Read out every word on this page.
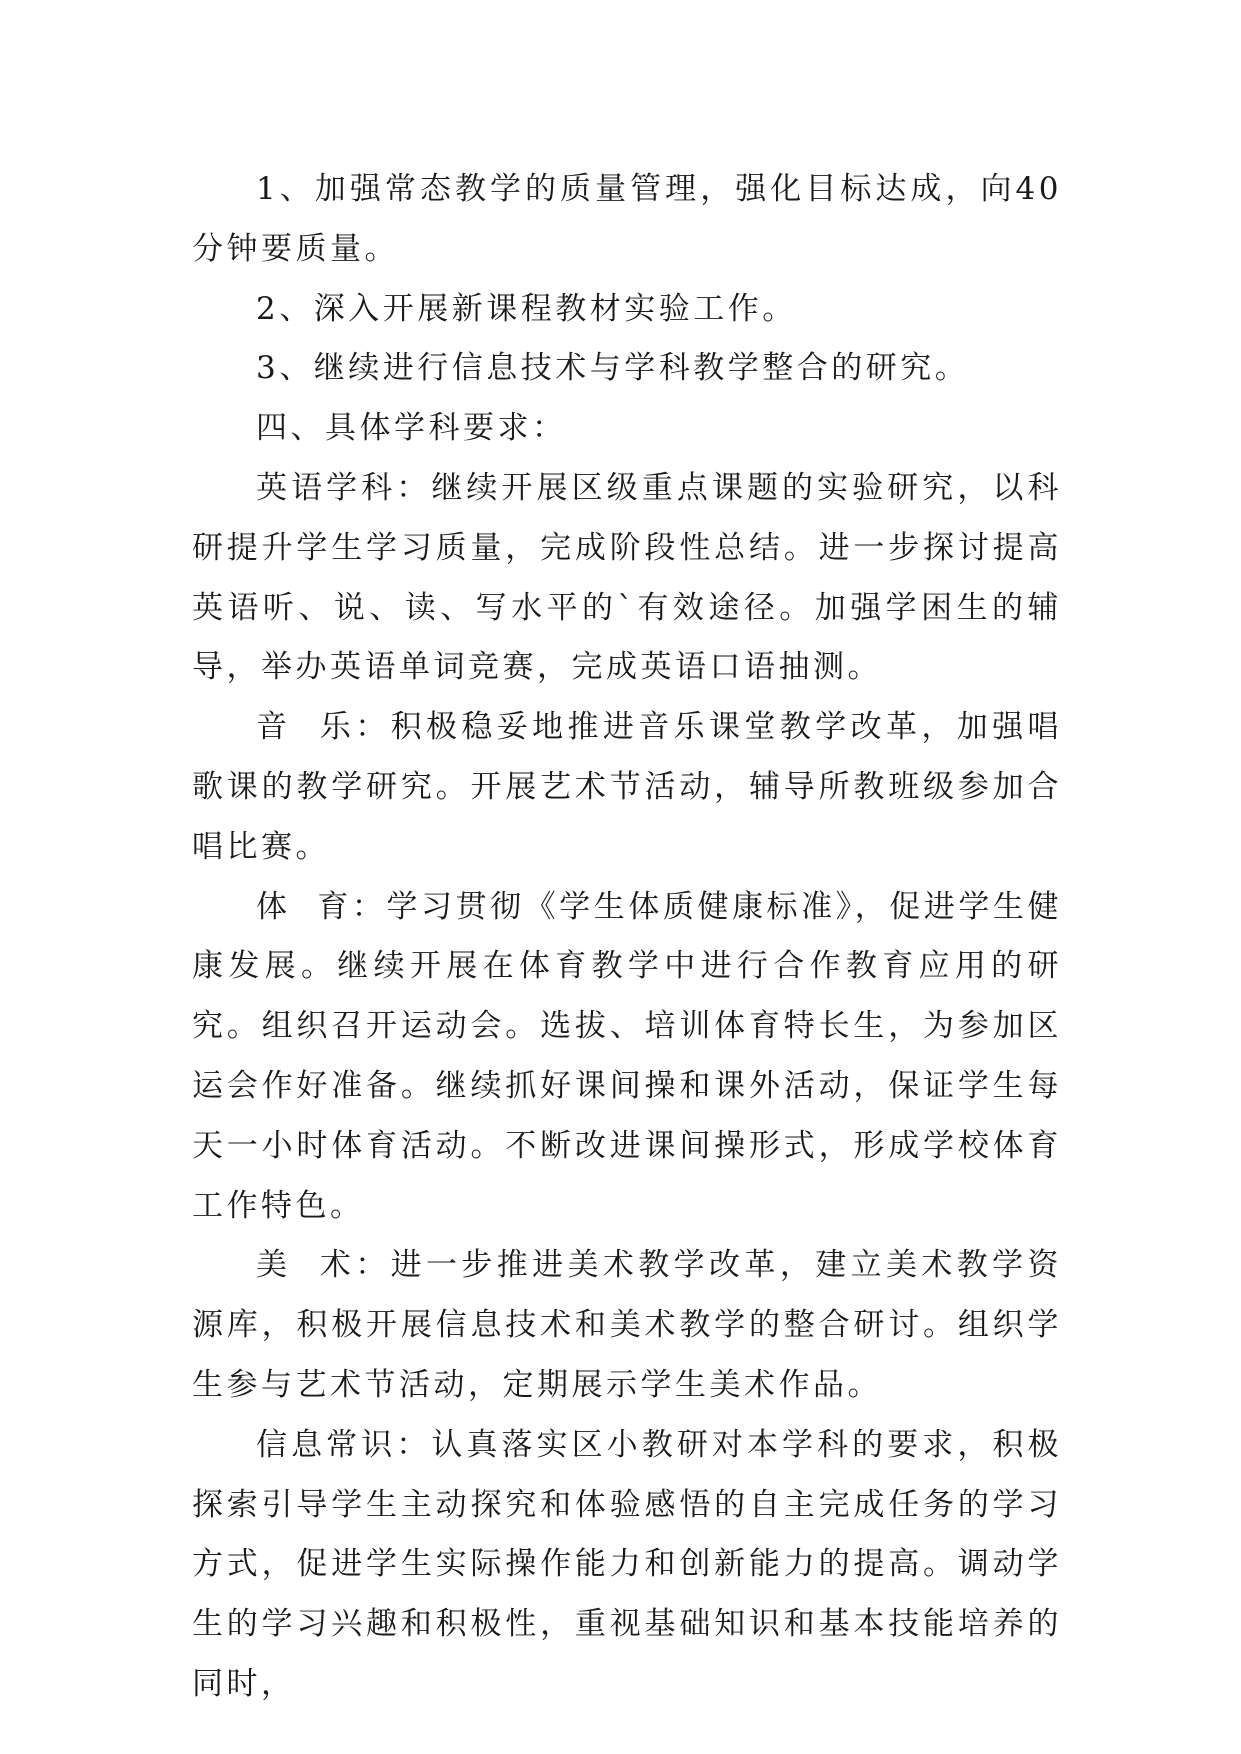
1、加强常态教学的质量管理，强化目标达成，向40分钟要质量。

2、深入开展新课程教材实验工作。

3、继续进行信息技术与学科教学整合的研究。

四、具体学科要求：

英语学科：继续开展区级重点课题的实验研究，以科研提升学生学习质量，完成阶段性总结。进一步探讨提高英语听、说、读、写水平的`有效途径。加强学困生的辅导，举办英语单词竞赛，完成英语口语抽测。

音  乐：积极稳妥地推进音乐课堂教学改革，加强唱歌课的教学研究。开展艺术节活动，辅导所教班级参加合唱比赛。

体  育：学习贯彻《学生体质健康标准》，促进学生健康发展。继续开展在体育教学中进行合作教育应用的研究。组织召开运动会。选拔、培训体育特长生，为参加区运会作好准备。继续抓好课间操和课外活动，保证学生每天一小时体育活动。不断改进课间操形式，形成学校体育工作特色。

美  术：进一步推进美术教学改革，建立美术教学资源库，积极开展信息技术和美术教学的整合研讨。组织学生参与艺术节活动，定期展示学生美术作品。

信息常识：认真落实区小教研对本学科的要求，积极探索引导学生主动探究和体验感悟的自主完成任务的学习方式，促进学生实际操作能力和创新能力的提高。调动学生的学习兴趣和积极性，重视基础知识和基本技能培养的同时，
